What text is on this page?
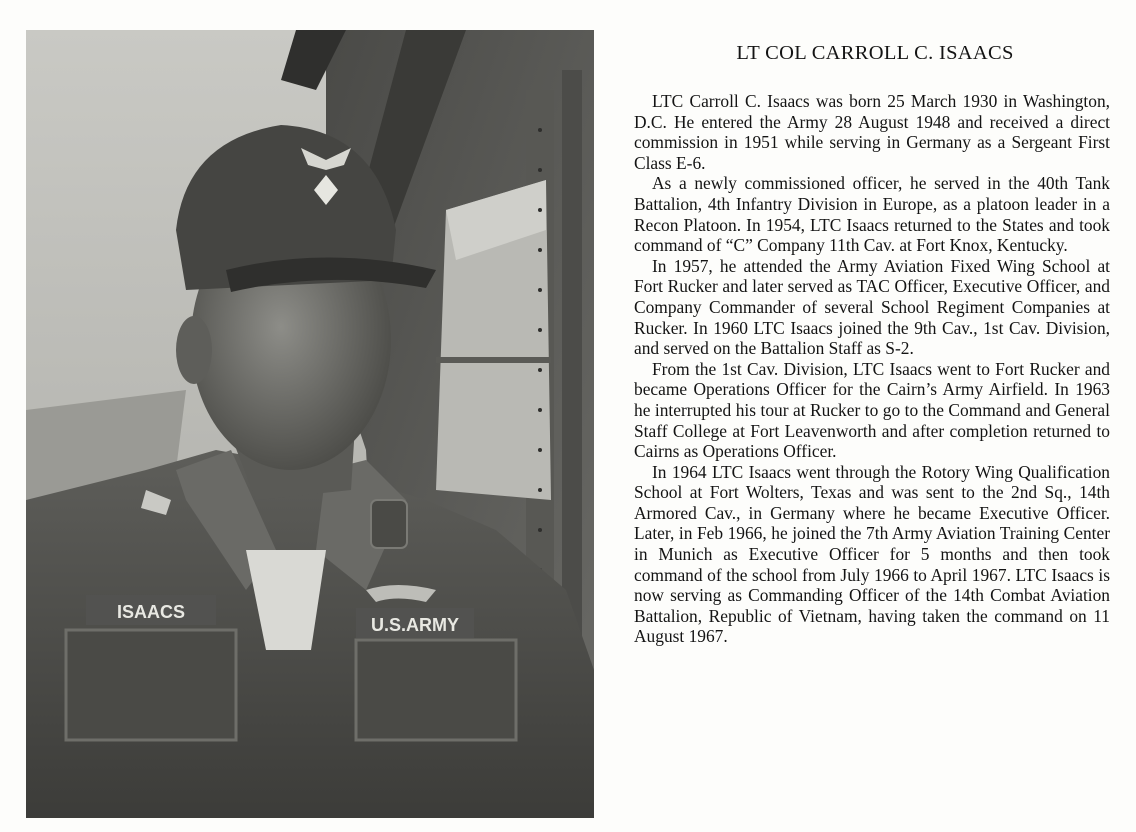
ISAACS
U.S.ARMY
LT COL CARROLL C. ISAACS

LTC Carroll C. Isaacs was born 25 March 1930 in Washington, D.C. He entered the Army 28 August 1948 and received a direct commission in 1951 while serving in Germany as a Sergeant First Class E-6.

As a newly commissioned officer, he served in the 40th Tank Battalion, 4th Infantry Division in Europe, as a platoon leader in a Recon Platoon. In 1954, LTC Isaacs returned to the States and took command of “C” Company 11th Cav. at Fort Knox, Kentucky.

In 1957, he attended the Army Aviation Fixed Wing School at Fort Rucker and later served as TAC Officer, Executive Officer, and Company Commander of several School Regiment Companies at Rucker. In 1960 LTC Isaacs joined the 9th Cav., 1st Cav. Division, and served on the Battalion Staff as S-2.

From the 1st Cav. Division, LTC Isaacs went to Fort Rucker and became Operations Officer for the Cairn’s Army Airfield. In 1963 he interrupted his tour at Rucker to go to the Command and General Staff College at Fort Leavenworth and after completion returned to Cairns as Operations Officer.

In 1964 LTC Isaacs went through the Rotory Wing Qualification School at Fort Wolters, Texas and was sent to the 2nd Sq., 14th Armored Cav., in Germany where he became Executive Officer. Later, in Feb 1966, he joined the 7th Army Aviation Training Center in Munich as Executive Officer for 5 months and then took command of the school from July 1966 to April 1967. LTC Isaacs is now serving as Commanding Officer of the 14th Combat Aviation Battalion, Republic of Vietnam, having taken the command on 11 August 1967.
